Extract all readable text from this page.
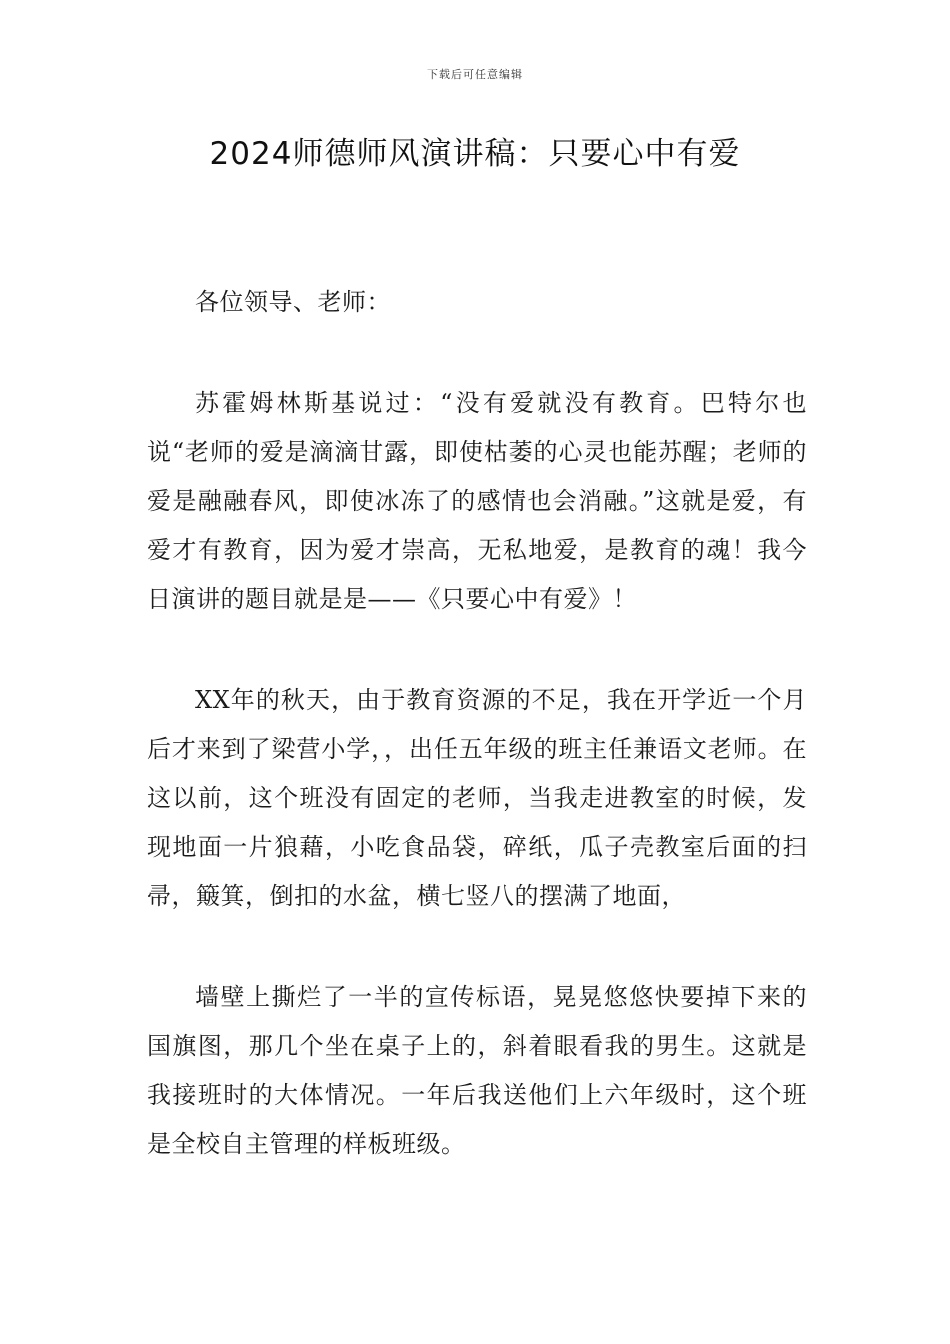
下载后可任意编辑
2024师德师风演讲稿：只要心中有爱

各位领导、老师：

苏霍姆林斯基说过：“没有爱就没有教育。巴特尔也说“老师的爱是滴滴甘露，即使枯萎的心灵也能苏醒；老师的爱是融融春风，即使冰冻了的感情也会消融。”这就是爱，有爱才有教育，因为爱才崇高，无私地爱，是教育的魂！我今日演讲的题目就是是——《只要心中有爱》！

XX年的秋天，由于教育资源的不足，我在开学近一个月后才来到了梁营小学，，出任五年级的班主任兼语文老师。在这以前，这个班没有固定的老师，当我走进教室的时候，发现地面一片狼藉，小吃食品袋，碎纸，瓜子壳教室后面的扫帚，簸箕，倒扣的水盆，横七竖八的摆满了地面，

墙壁上撕烂了一半的宣传标语，晃晃悠悠快要掉下来的国旗图，那几个坐在桌子上的，斜着眼看我的男生。这就是我接班时的大体情况。一年后我送他们上六年级时，这个班是全校自主管理的样板班级。
